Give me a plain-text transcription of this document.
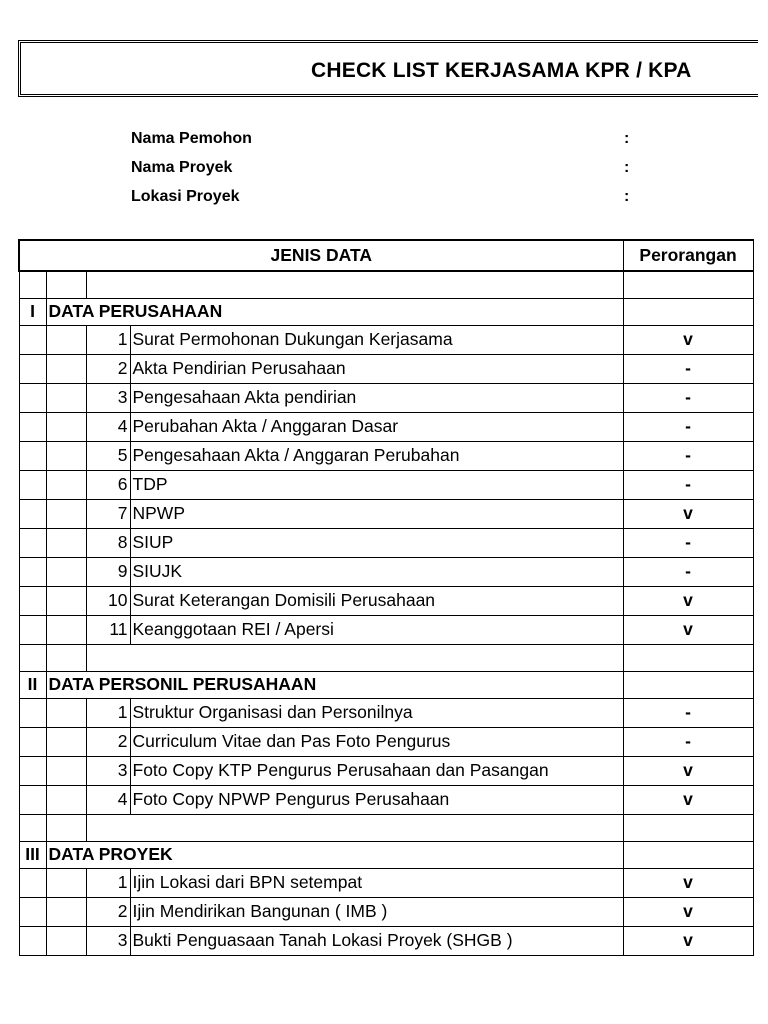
CHECK LIST KERJASAMA KPR / KPA
Nama Pemohon	:
Nama Proyek	:
Lokasi Proyek	:
JENIS DATA				Perorangan

I	DATA PERUSAHAAN			
		1	Surat Permohonan Dukungan Kerjasama	v
		2	Akta Pendirian Perusahaan	-
		3	Pengesahaan Akta pendirian	-
		4	Perubahan Akta / Anggaran Dasar	-
		5	Pengesahaan Akta / Anggaran Perubahan	-
		6	TDP	-
		7	NPWP	v
		8	SIUP	-
		9	SIUJK	-
		10	Surat Keterangan Domisili Perusahaan	v
		11	Keanggotaan REI / Apersi	v

II	DATA PERSONIL PERUSAHAAN			
		1	Struktur Organisasi dan Personilnya	-
		2	Curriculum Vitae dan Pas Foto Pengurus	-
		3	Foto Copy KTP Pengurus Perusahaan dan Pasangan	v
		4	Foto Copy NPWP Pengurus Perusahaan	v

III	DATA PROYEK			
		1	Ijin Lokasi dari BPN setempat	v
		2	Ijin Mendirikan Bangunan ( IMB )	v
		3	Bukti Penguasaan Tanah Lokasi Proyek (SHGB )	v
